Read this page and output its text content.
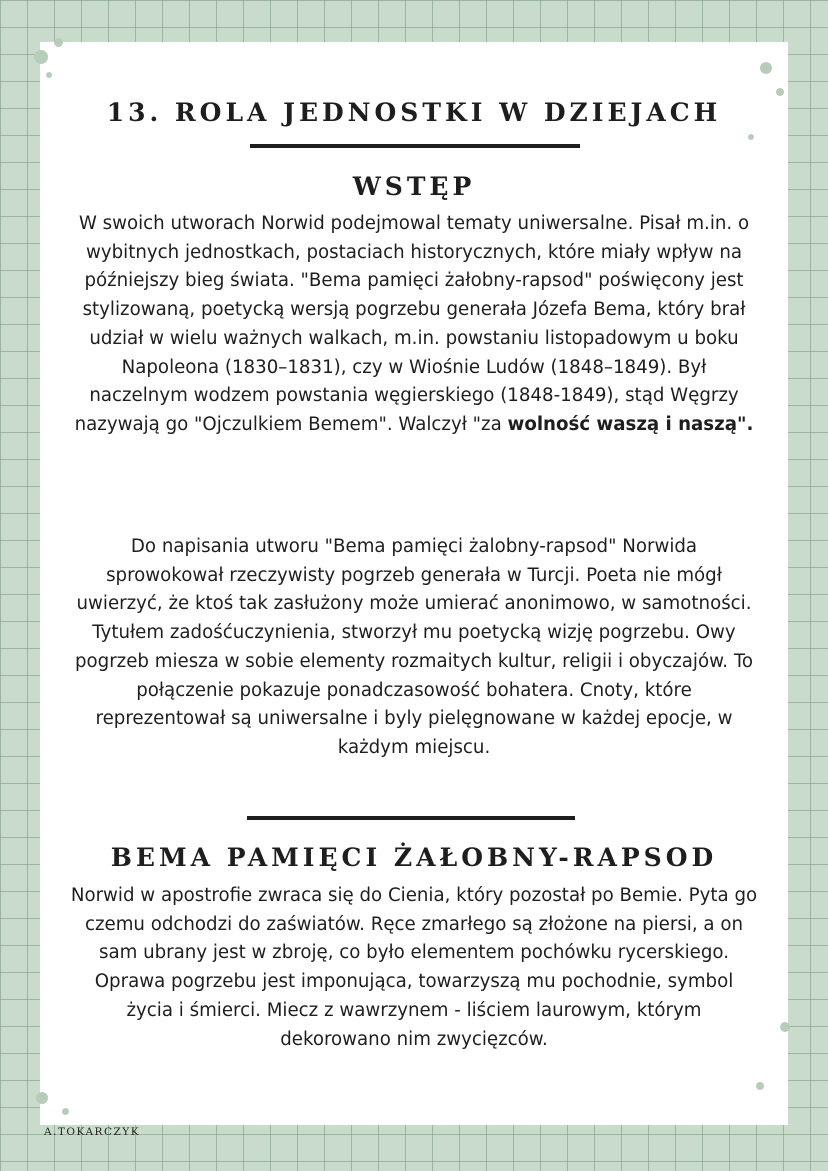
13. ROLA JEDNOSTKI W DZIEJACH
WSTĘP

W swoich utworach Norwid podejmowal tematy uniwersalne. Pisał m.in. o wybitnych jednostkach, postaciach historycznych, które miały wpływ na późniejszy bieg świata. "Bema pamięci żałobny-rapsod" poświęcony jest stylizowaną, poetycką wersją pogrzebu generała Józefa Bema, który brał udział w wielu ważnych walkach, m.in. powstaniu listopadowym u boku Napoleona (1830–1831), czy w Wiośnie Ludów (1848–1849). Był naczelnym wodzem powstania węgierskiego (1848-1849), stąd Węgrzy nazywają go "Ojczulkiem Bemem". Walczył "za wolność waszą i naszą".

Do napisania utworu "Bema pamięci żalobny-rapsod" Norwida sprowokował rzeczywisty pogrzeb generała w Turcji. Poeta nie mógł uwierzyć, że ktoś tak zasłużony może umierać anonimowo, w samotności. Tytułem zadośćuczynienia, stworzył mu poetycką wizję pogrzebu. Owy pogrzeb miesza w sobie elementy rozmaitych kultur, religii i obyczajów. To połączenie pokazuje ponadczasowość bohatera. Cnoty, które reprezentował są uniwersalne i byly pielęgnowane w każdej epocje, w każdym miejscu.

BEMA PAMIĘCI ŻAŁOBNY-RAPSOD

Norwid w apostrofie zwraca się do Cienia, który pozostał po Bemie. Pyta go czemu odchodzi do zaświatów. Ręce zmarłego są złożone na piersi, a on sam ubrany jest w zbroję, co było elementem pochówku rycerskiego. Oprawa pogrzebu jest imponująca, towarzyszą mu pochodnie, symbol życia i śmierci. Miecz z wawrzynem - liściem laurowym, którym dekorowano nim zwycięzców.

A.TOKARCZYK
